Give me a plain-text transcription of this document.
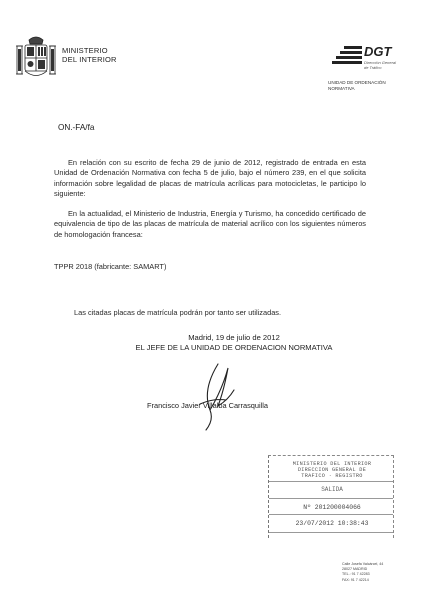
MINISTERIO
DEL INTERIOR
DGT
Dirección General
de Tráfico
UNIDAD DE ORDENACIÓN
NORMATIVA
ON.-FA/fa
En relación con su escrito de fecha 29 de junio de 2012, registrado de entrada en esta Unidad de Ordenación Normativa con fecha 5 de julio, bajo el número 239, en el que solicita información sobre legalidad de placas de matrícula acrílicas para motocicletas, le participo lo siguiente:
En la actualidad, el Ministerio de Industria, Energía y Turismo, ha concedido certificado de equivalencia de tipo de las placas de matrícula de material acrílico con los siguientes números de homologación francesa:
TPPR 2018 (fabricante: SAMART)
Las citadas placas de matrícula podrán por tanto ser utilizadas.
Madrid, 19 de julio de 2012
EL JEFE DE LA UNIDAD DE ORDENACION NORMATIVA
Francisco Javier Villalba Carrasquilla
MINISTERIO DEL INTERIOR
DIRECCION GENERAL DE
TRAFICO · REGISTRO
SALIDA
Nº 201200004066
23/07/2012 10:38:43
Calle Josefa Valcárcel, 44
28027 MADRID
TEL.: 91 7 42283
FAX: 91 7 42214
